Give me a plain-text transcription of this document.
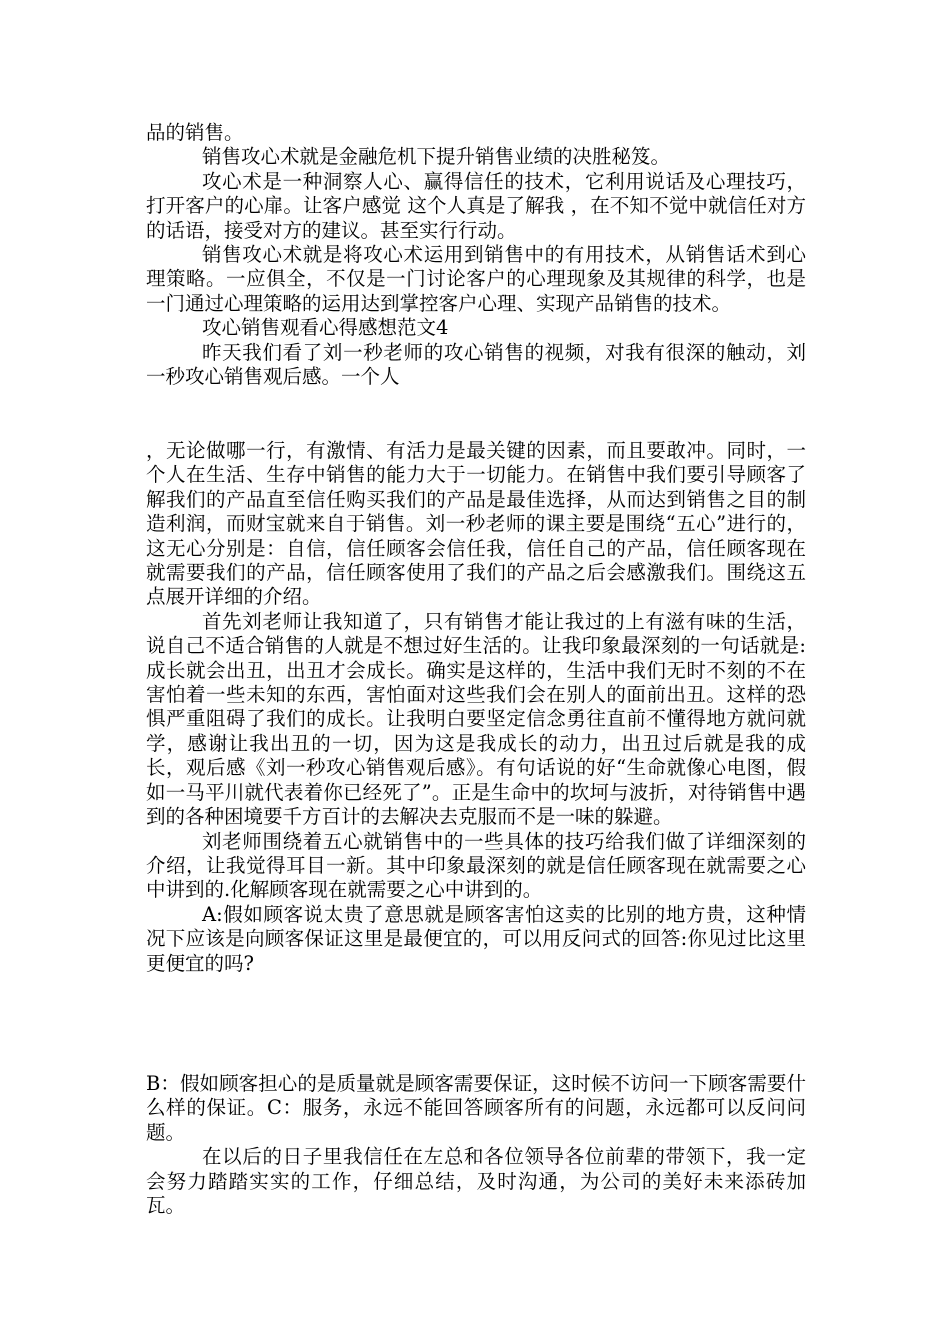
品的销售。

销售攻心术就是金融危机下提升销售业绩的决胜秘笈。

攻心术是一种洞察人心、赢得信任的技术，它利用说话及心理技巧，打开客户的心扉。让客户感觉 这个人真是了解我 ，在不知不觉中就信任对方的话语，接受对方的建议。甚至实行行动。

销售攻心术就是将攻心术运用到销售中的有用技术，从销售话术到心理策略。一应俱全，不仅是一门讨论客户的心理现象及其规律的科学，也是一门通过心理策略的运用达到掌控客户心理、实现产品销售的技术。

攻心销售观看心得感想范文4

昨天我们看了刘一秒老师的攻心销售的视频，对我有很深的触动，刘一秒攻心销售观后感。一个人

，无论做哪一行，有激情、有活力是最关键的因素，而且要敢冲。同时，一个人在生活、生存中销售的能力大于一切能力。在销售中我们要引导顾客了解我们的产品直至信任购买我们的产品是最佳选择，从而达到销售之目的制造利润，而财宝就来自于销售。刘一秒老师的课主要是围绕“五心”进行的，这无心分别是：自信，信任顾客会信任我，信任自己的产品，信任顾客现在就需要我们的产品，信任顾客使用了我们的产品之后会感激我们。围绕这五点展开详细的介绍。

首先刘老师让我知道了，只有销售才能让我过的上有滋有味的生活，说自己不适合销售的人就是不想过好生活的。让我印象最深刻的一句话就是:成长就会出丑，出丑才会成长。确实是这样的，生活中我们无时不刻的不在害怕着一些未知的东西，害怕面对这些我们会在别人的面前出丑。这样的恐惧严重阻碍了我们的成长。让我明白要坚定信念勇往直前不懂得地方就问就学，感谢让我出丑的一切，因为这是我成长的动力，出丑过后就是我的成长，观后感《刘一秒攻心销售观后感》。有句话说的好“生命就像心电图，假如一马平川就代表着你已经死了”。正是生命中的坎坷与波折，对待销售中遇到的各种困境要千方百计的去解决去克服而不是一味的躲避。

刘老师围绕着五心就销售中的一些具体的技巧给我们做了详细深刻的介绍，让我觉得耳目一新。其中印象最深刻的就是信任顾客现在就需要之心中讲到的.化解顾客现在就需要之心中讲到的。

A:假如顾客说太贵了意思就是顾客害怕这卖的比别的地方贵，这种情况下应该是向顾客保证这里是最便宜的，可以用反问式的回答:你见过比这里更便宜的吗?

B：假如顾客担心的是质量就是顾客需要保证，这时候不访问一下顾客需要什么样的保证。C：服务，永远不能回答顾客所有的问题，永远都可以反问问题。

在以后的日子里我信任在左总和各位领导各位前辈的带领下，我一定会努力踏踏实实的工作，仔细总结，及时沟通，为公司的美好未来添砖加瓦。
